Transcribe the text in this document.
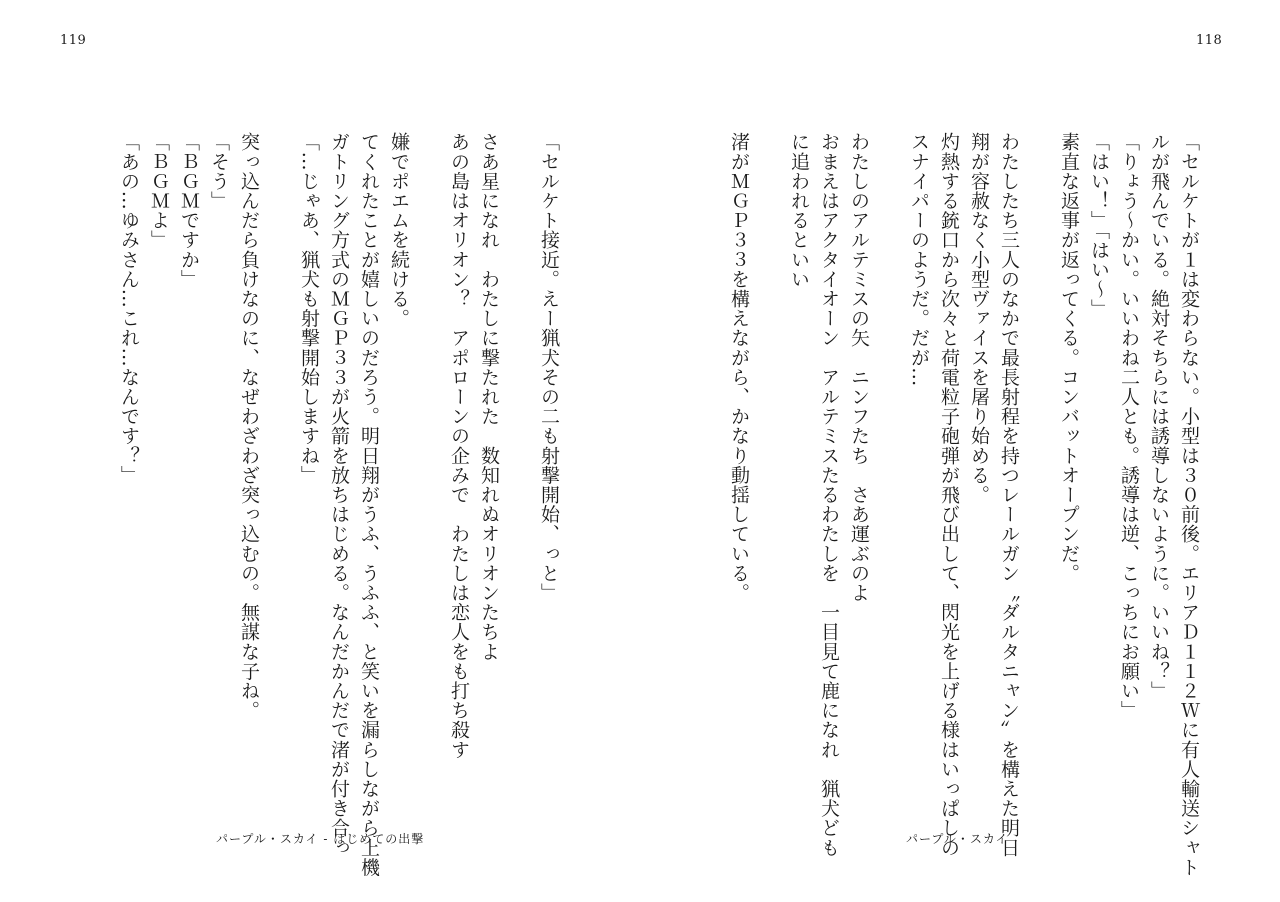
119
「あの…ゆみさん…これ…なんです？」 「ＢＧＭよ」 「ＢＧＭですか」 「そう」 突っ込んだら負けなのに、なぜわざわざ突っ込むの。無謀な子ね。 「…じゃあ、猟犬も射撃開始しますね」 ガトリング方式のＭＧＰ３３が火箭を放ちはじめる。なんだかんだで渚が付き合っ てくれたことが嬉しいのだろう。明日翔がうふ、うふふ、と笑いを漏らしながら上機 嫌でポエムを続ける。 あの島はオリオン？　アポローンの企みで　わたしは恋人をも打ち殺す さあ星になれ　わたしに撃たれた　数知れぬオリオンたちよ 「セルケト接近。えー猟犬その二も射撃開始、っと」
パープル・スカイ - はじめての出撃
118
渚がＭＧＰ３３を構えながら、かなり動揺している。 に追われるといい おまえはアクタイオーン　アルテミスたるわたしを　一目見て鹿になれ　猟犬ども わたしのアルテミスの矢　ニンフたち　さあ運ぶのよ スナイパーのようだ。だが… 灼熱する銃口から次々と荷電粒子砲弾が飛び出して、閃光を上げる様はいっぱしの 翔が容赦なく小型ヴァイスを屠り始める。 わたしたち三人のなかで最長射程を持つレールガン〝ダルタニャン〟を構えた明日 素直な返事が返ってくる。コンバットオープンだ。 「はい！」「はい〜」 「りょう〜かい。いいわね二人とも。誘導は逆、こっちにお願い」 ルが飛んでいる。絶対そちらには誘導しないように。いいね？」 「セルケトが１は変わらない。小型は３０前後。エリアＤ１１２Ｗに有人輸送シャト
パープル・スカイ
